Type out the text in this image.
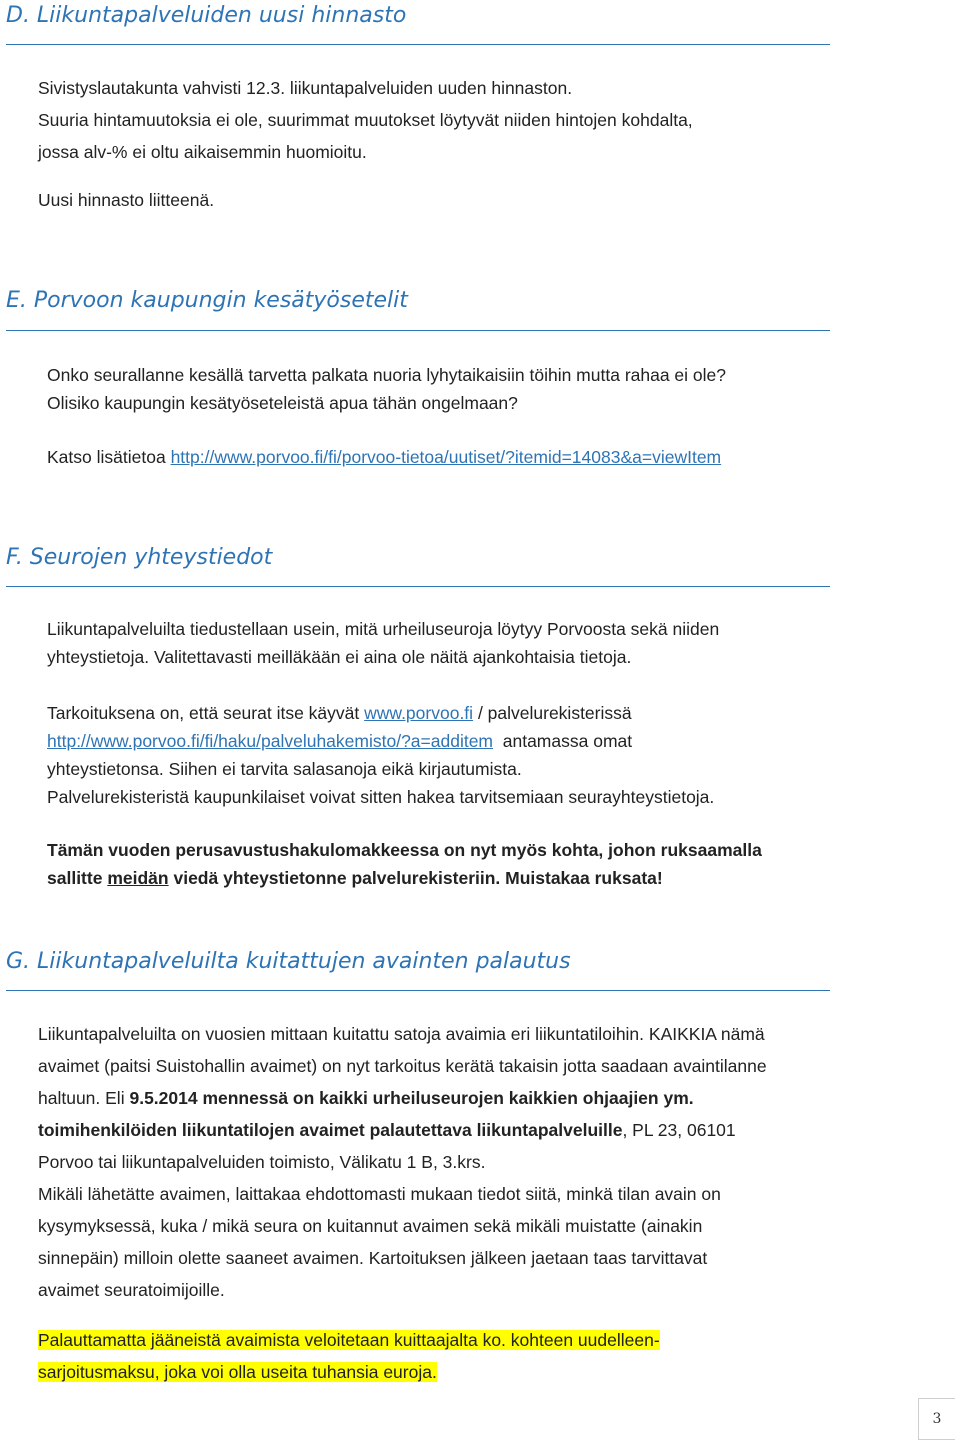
D. Liikuntapalveluiden uusi hinnasto
Sivistyslautakunta vahvisti 12.3. liikuntapalveluiden uuden hinnaston.
Suuria hintamuutoksia ei ole, suurimmat muutokset löytyvät niiden hintojen kohdalta,
jossa alv-% ei oltu aikaisemmin huomioitu.
Uusi hinnasto liitteenä.
E. Porvoon kaupungin kesätyösetelit
Onko seurallanne kesällä tarvetta palkata nuoria lyhytaikaisiin töihin mutta rahaa ei ole?
Olisiko kaupungin kesätyöseteleistä apua tähän ongelmaan?
Katso lisätietoa http://www.porvoo.fi/fi/porvoo-tietoa/uutiset/?itemid=14083&a=viewItem
F. Seurojen yhteystiedot
Liikuntapalveluilta tiedustellaan usein, mitä urheiluseuroja löytyy Porvoosta sekä niiden
yhteystietoja. Valitettavasti meilläkään ei aina ole näitä ajankohtaisia tietoja.
Tarkoituksena on, että seurat itse käyvät www.porvoo.fi / palvelurekisterissä
http://www.porvoo.fi/fi/haku/palveluhakemisto/?a=additem antamassa omat
yhteystietonsa. Siihen ei tarvita salasanoja eikä kirjautumista.
Palvelurekisteristä kaupunkilaiset voivat sitten hakea tarvitsemiaan seurayhteystietoja.
Tämän vuoden perusavustushakulomakkeessa on nyt myös kohta, johon ruksaamalla
sallitte meidän viedä yhteystietonne palvelurekisteriin. Muistakaa ruksata!
G. Liikuntapalveluilta kuitattujen avainten palautus
Liikuntapalveluilta on vuosien mittaan kuitattu satoja avaimia eri liikuntatiloihin. KAIKKIA nämä
avaimet (paitsi Suistohallin avaimet) on nyt tarkoitus kerätä takaisin jotta saadaan avaintilanne
haltuun. Eli 9.5.2014 mennessä on kaikki urheiluseurojen kaikkien ohjaajien ym.
toimihenkilöiden liikuntatilojen avaimet palautettava liikuntapalveluille, PL 23, 06101
Porvoo tai liikuntapalveluiden toimisto, Välikatu 1 B, 3.krs.
Mikäli lähetätte avaimen, laittakaa ehdottomasti mukaan tiedot siitä, minkä tilan avain on
kysymyksessä, kuka / mikä seura on kuitannut avaimen sekä mikäli muistatte (ainakin
sinnepäin) milloin olette saaneet avaimen. Kartoituksen jälkeen jaetaan taas tarvittavat
avaimet seuratoimijoille.
Palauttamatta jääneistä avaimista veloitetaan kuittaajalta ko. kohteen uudelleen-
sarjoitusmaksu, joka voi olla useita tuhansia euroja.
3
